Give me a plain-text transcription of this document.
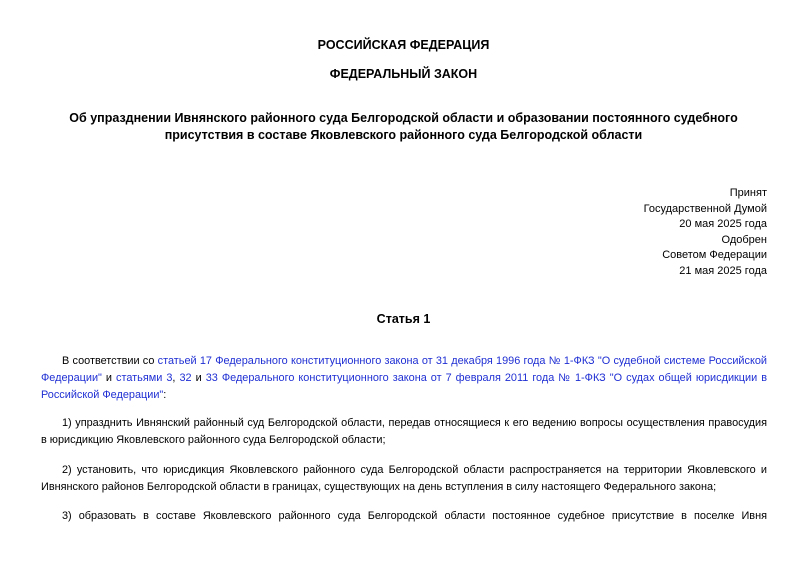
РОССИЙСКАЯ ФЕДЕРАЦИЯ
ФЕДЕРАЛЬНЫЙ ЗАКОН
Об упразднении Ивнянского районного суда Белгородской области и образовании постоянного судебного присутствия в составе Яковлевского районного суда Белгородской области
Принят
Государственной Думой
20 мая 2025 года
Одобрен
Советом Федерации
21 мая 2025 года
Статья 1
В соответствии со статьей 17 Федерального конституционного закона от 31 декабря 1996 года № 1-ФКЗ "О судебной системе Российской Федерации" и статьями 3, 32 и 33 Федерального конституционного закона от 7 февраля 2011 года № 1-ФКЗ "О судах общей юрисдикции в Российской Федерации":
1) упразднить Ивнянский районный суд Белгородской области, передав относящиеся к его ведению вопросы осуществления правосудия в юрисдикцию Яковлевского районного суда Белгородской области;
2) установить, что юрисдикция Яковлевского районного суда Белгородской области распространяется на территории Яковлевского и Ивнянского районов Белгородской области в границах, существующих на день вступления в силу настоящего Федерального закона;
3) образовать в составе Яковлевского районного суда Белгородской области постоянное судебное присутствие в поселке Ивня
